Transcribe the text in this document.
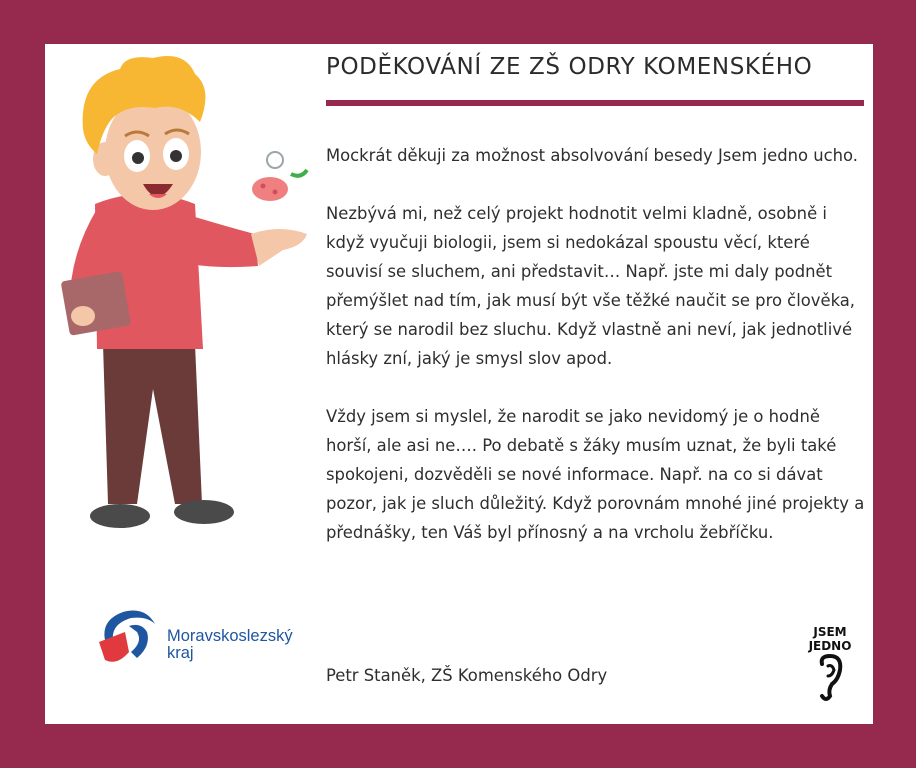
PODĚKOVÁNÍ ZE ZŠ ODRY KOMENSKÉHO

Mockrát děkuji za možnost absolvování besedy Jsem jedno ucho.

Nezbývá mi, než celý projekt hodnotit velmi kladně, osobně i když vyučuji biologii, jsem si nedokázal spoustu věcí, které souvisí se sluchem, ani představit… Např. jste mi daly podnět přemýšlet nad tím, jak musí být vše těžké naučit se pro člověka, který se narodil bez sluchu. Když vlastně ani neví, jak jednotlivé hlásky zní, jaký je smysl slov apod.

Vždy jsem si myslel, že narodit se jako nevidomý je o hodně horší, ale asi ne…. Po debatě s žáky musím uznat, že byli také spokojeni, dozvěděli se nové informace. Např. na co si dávat pozor, jak je sluch důležitý. Když porovnám mnohé jiné projekty a přednášky, ten Váš byl přínosný a na vrcholu žebříčku.

Petr Staněk, ZŠ Komenského Odry
Moravskoslezský
kraj
JSEM
JEDNO
